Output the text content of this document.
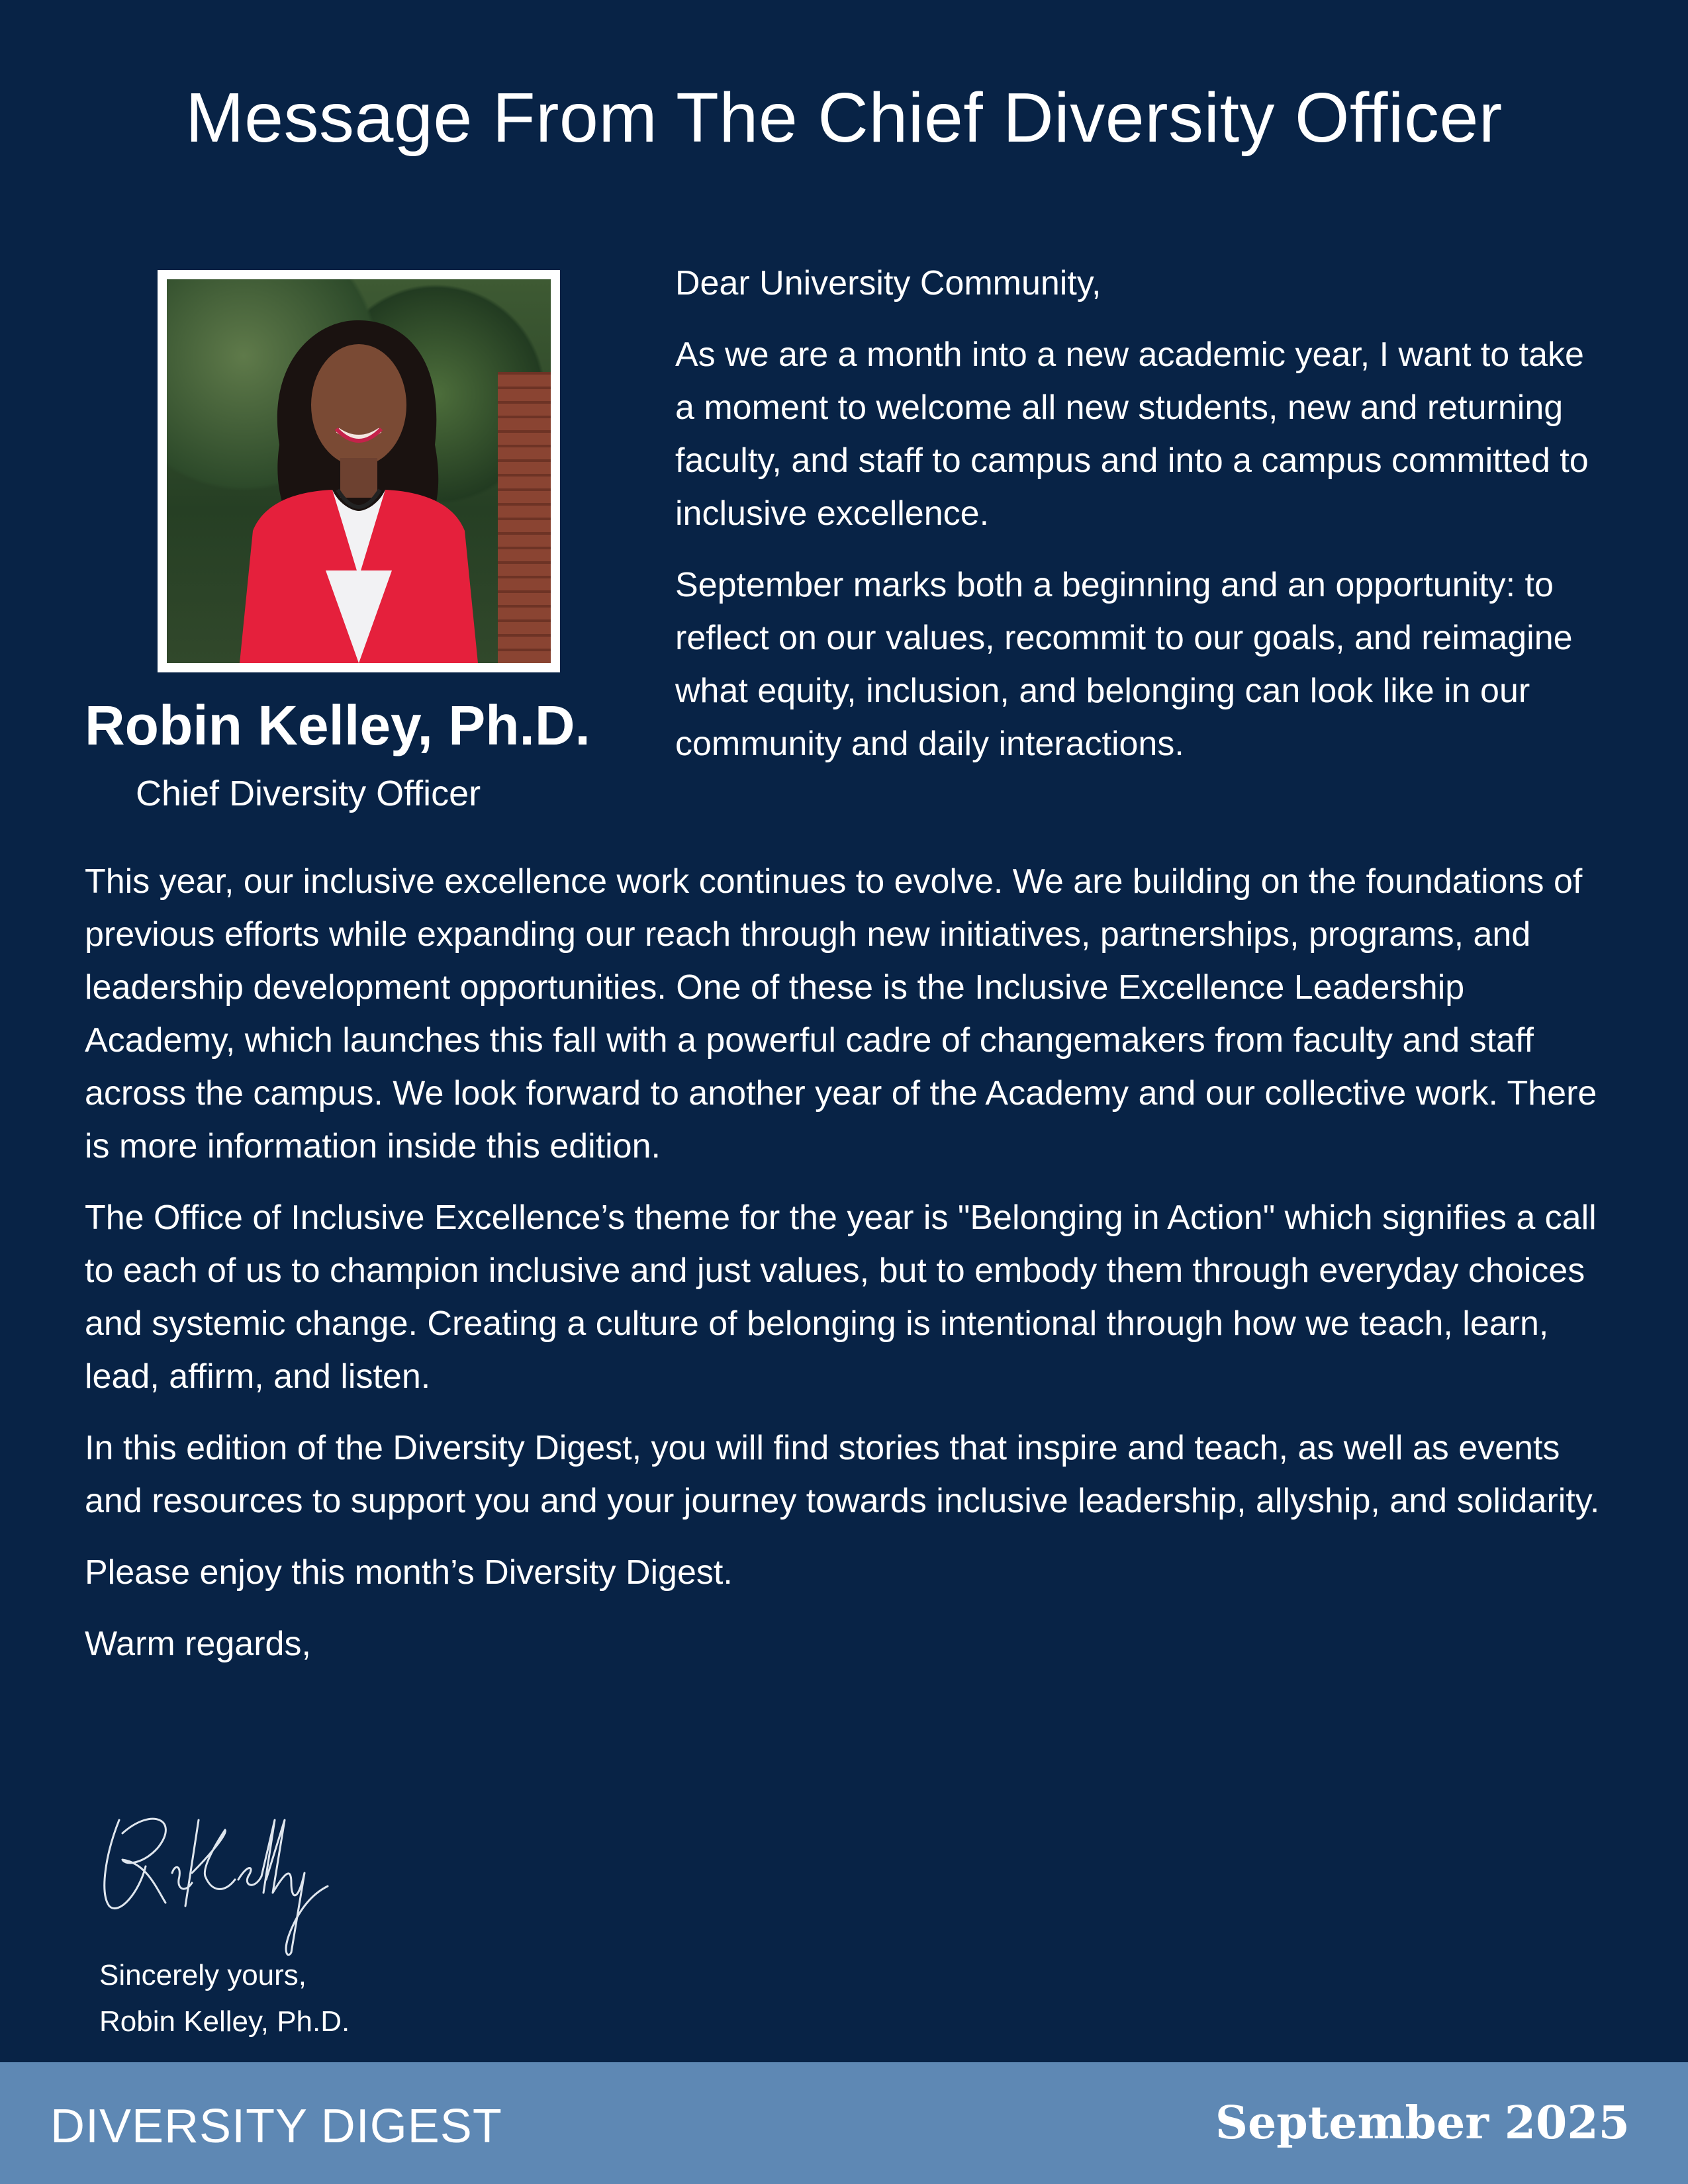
Message From The Chief Diversity Officer
Robin Kelley, Ph.D.
Chief Diversity Officer

Dear University Community,

As we are a month into a new academic year, I want to take a moment to welcome all new students, new and returning faculty, and staff to campus and into a campus committed to inclusive excellence.

September marks both a beginning and an opportunity: to reflect on our values, recommit to our goals, and reimagine what equity, inclusion, and belonging can look like in our community and daily interactions.

This year, our inclusive excellence work continues to evolve. We are building on the foundations of previous efforts while expanding our reach through new initiatives, partnerships, programs, and leadership development opportunities. One of these is the Inclusive Excellence Leadership Academy, which launches this fall with a powerful cadre of changemakers from faculty and staff across the campus. We look forward to another year of the Academy and our collective work. There is more information inside this edition.

The Office of Inclusive Excellence’s theme for the year is "Belonging in Action" which signifies a call to each of us to champion inclusive and just values, but to embody them through everyday choices and systemic change. Creating a culture of belonging is intentional through how we teach, learn, lead, affirm, and listen.

In this edition of the Diversity Digest, you will find stories that inspire and teach, as well as events and resources to support you and your journey towards inclusive leadership, allyship, and solidarity.

Please enjoy this month’s Diversity Digest.

Warm regards,

Sincerely yours,
Robin Kelley, Ph.D.
DIVERSITY DIGEST	September 2025
